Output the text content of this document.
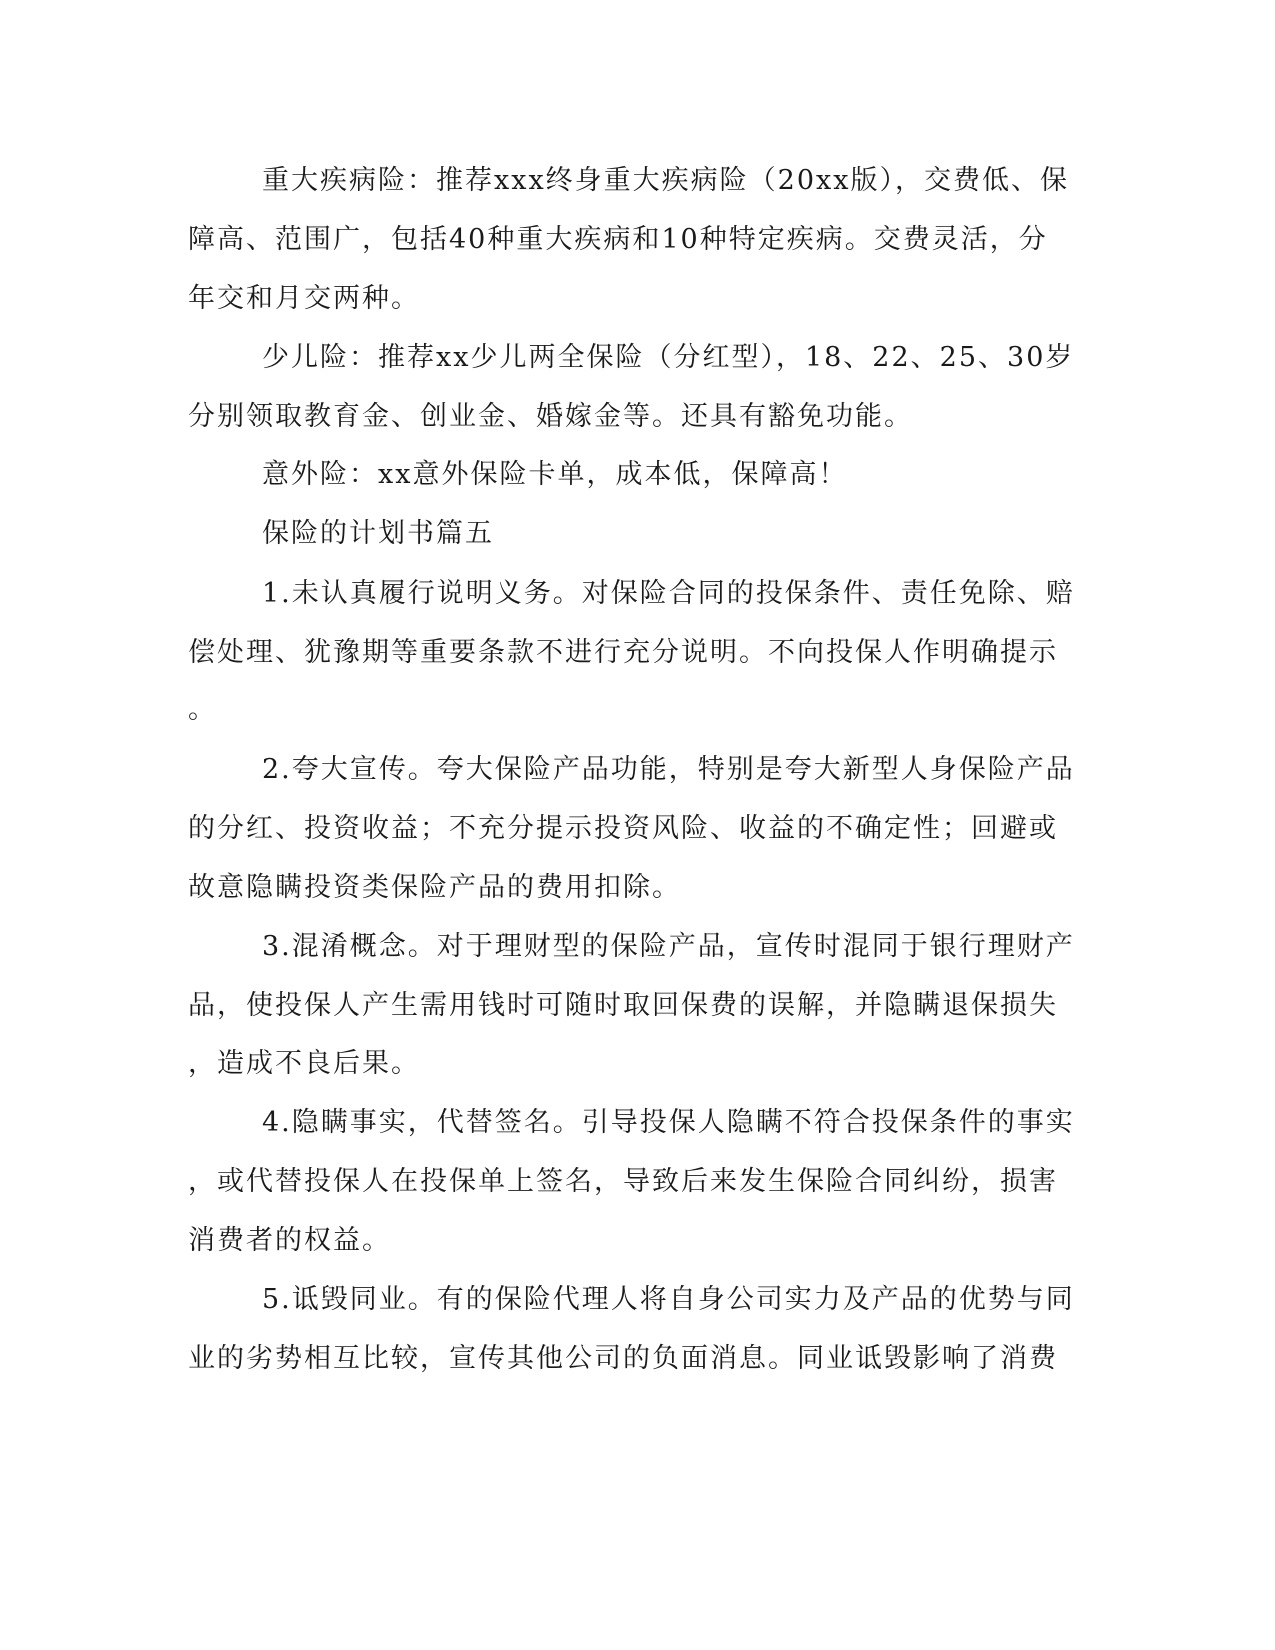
重大疾病险：推荐xxx终身重大疾病险（20xx版），交费低、保
障高、范围广，包括40种重大疾病和10种特定疾病。交费灵活，分
年交和月交两种。
少儿险：推荐xx少儿两全保险（分红型），18、22、25、30岁
分别领取教育金、创业金、婚嫁金等。还具有豁免功能。
意外险：xx意外保险卡单，成本低，保障高！
保险的计划书篇五
1.未认真履行说明义务。对保险合同的投保条件、责任免除、赔
偿处理、犹豫期等重要条款不进行充分说明。不向投保人作明确提示
。
2.夸大宣传。夸大保险产品功能，特别是夸大新型人身保险产品
的分红、投资收益；不充分提示投资风险、收益的不确定性；回避或
故意隐瞒投资类保险产品的费用扣除。
3.混淆概念。对于理财型的保险产品，宣传时混同于银行理财产
品，使投保人产生需用钱时可随时取回保费的误解，并隐瞒退保损失
，造成不良后果。
4.隐瞒事实，代替签名。引导投保人隐瞒不符合投保条件的事实
，或代替投保人在投保单上签名，导致后来发生保险合同纠纷，损害
消费者的权益。
5.诋毁同业。有的保险代理人将自身公司实力及产品的优势与同
业的劣势相互比较，宣传其他公司的负面消息。同业诋毁影响了消费
